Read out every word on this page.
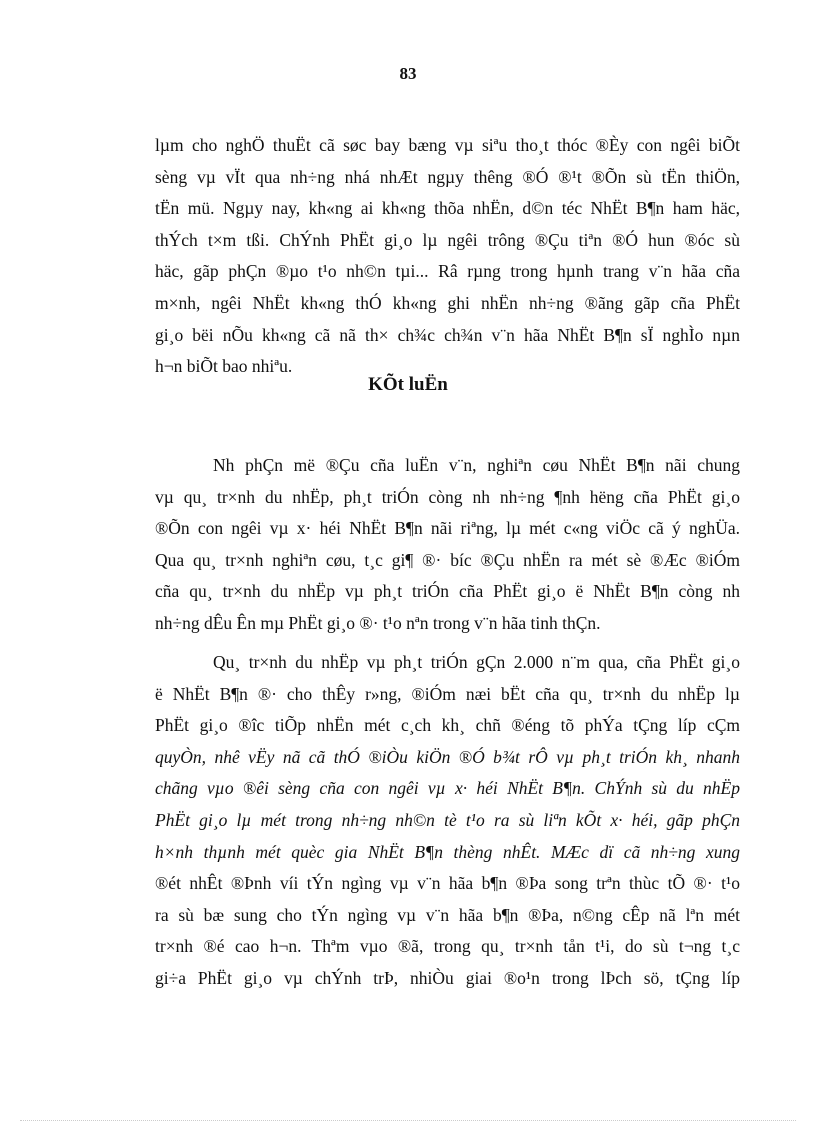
83
lµm cho nghÖ thuËt cã søc bay bæng vµ siªu tho¸t thóc ®Èy con ngêi biÕt
sèng vµ vÏt qua nh÷ng nhá nhÆt ngµy thêng ®Ó ®¹t ®Õn sù tËn thiÖn,
tËn mü. Ngµy nay, kh«ng ai kh«ng thõa nhËn, d©n téc NhËt B¶n ham häc,
thÝch t×m tßi. ChÝnh PhËt gi¸o lµ ngêi trông ®Çu tiªn ®Ó hun ®óc sù
häc, gãp phÇn ®µo t¹o nh©n tµi... Râ rµng trong hµnh trang v¨n hãa cña
m×nh, ngêi NhËt kh«ng thÓ kh«ng ghi nhËn nh÷ng ®ãng gãp cña PhËt
gi¸o bëi nÕu kh«ng cã nã th× ch¾c ch¾n v¨n hãa NhËt B¶n sÏ nghÌo nµn
h¬n biÕt bao nhiªu.
KÕt luËn
Nh phÇn më ®Çu cña luËn v¨n, nghiªn cøu NhËt B¶n nãi chung
vµ qu¸ tr×nh du nhËp, ph¸t triÓn còng nh nh÷ng ¶nh hëng cña PhËt gi¸o
®Õn con ngêi vµ x· héi NhËt B¶n nãi riªng, lµ mét c«ng viÖc cã ý nghÜa.
Qua qu¸ tr×nh nghiªn cøu, t¸c gi¶ ®· bíc ®Çu nhËn ra mét sè ®Æc ®iÓm
cña qu¸ tr×nh du nhËp vµ ph¸t triÓn cña PhËt gi¸o ë NhËt B¶n còng nh
nh÷ng dÊu Ên mµ PhËt gi¸o ®· t¹o nªn trong v¨n hãa tinh thÇn.
Qu¸ tr×nh du nhËp vµ ph¸t triÓn gÇn 2.000 n¨m qua, cña PhËt gi¸o
ë NhËt B¶n ®· cho thÊy r»ng, ®iÓm næi bËt cña qu¸ tr×nh du nhËp lµ
PhËt gi¸o ®îc tiÕp nhËn mét c¸ch kh¸ chñ ®éng tõ phÝa tÇng líp cÇm
quyÒn, nhê vËy nã cã thÓ ®iÒu kiÖn ®Ó b¾t rÔ vµ ph¸t triÓn kh¸ nhanh
chãng vµo ®êi sèng cña con ngêi vµ x· héi NhËt B¶n. ChÝnh sù du nhËp
PhËt gi¸o lµ mét trong nh÷ng nh©n tè t¹o ra sù liªn kÕt x· héi, gãp phÇn
h×nh thµnh mét quèc gia NhËt B¶n thèng nhÊt. MÆc dï cã nh÷ng xung
®ét nhÊt ®Þnh víi tÝn ngìng vµ v¨n hãa b¶n ®Þa song trªn thùc tÕ ®· t¹o
ra sù bæ sung cho tÝn ngìng vµ v¨n hãa b¶n ®Þa, n©ng cÊp nã lªn mét
tr×nh ®é cao h¬n. Thªm vµo ®ã, trong qu¸ tr×nh tån t¹i, do sù t¬ng t¸c
gi÷a PhËt gi¸o vµ chÝnh trÞ, nhiÒu giai ®o¹n trong lÞch sö, tÇng líp
